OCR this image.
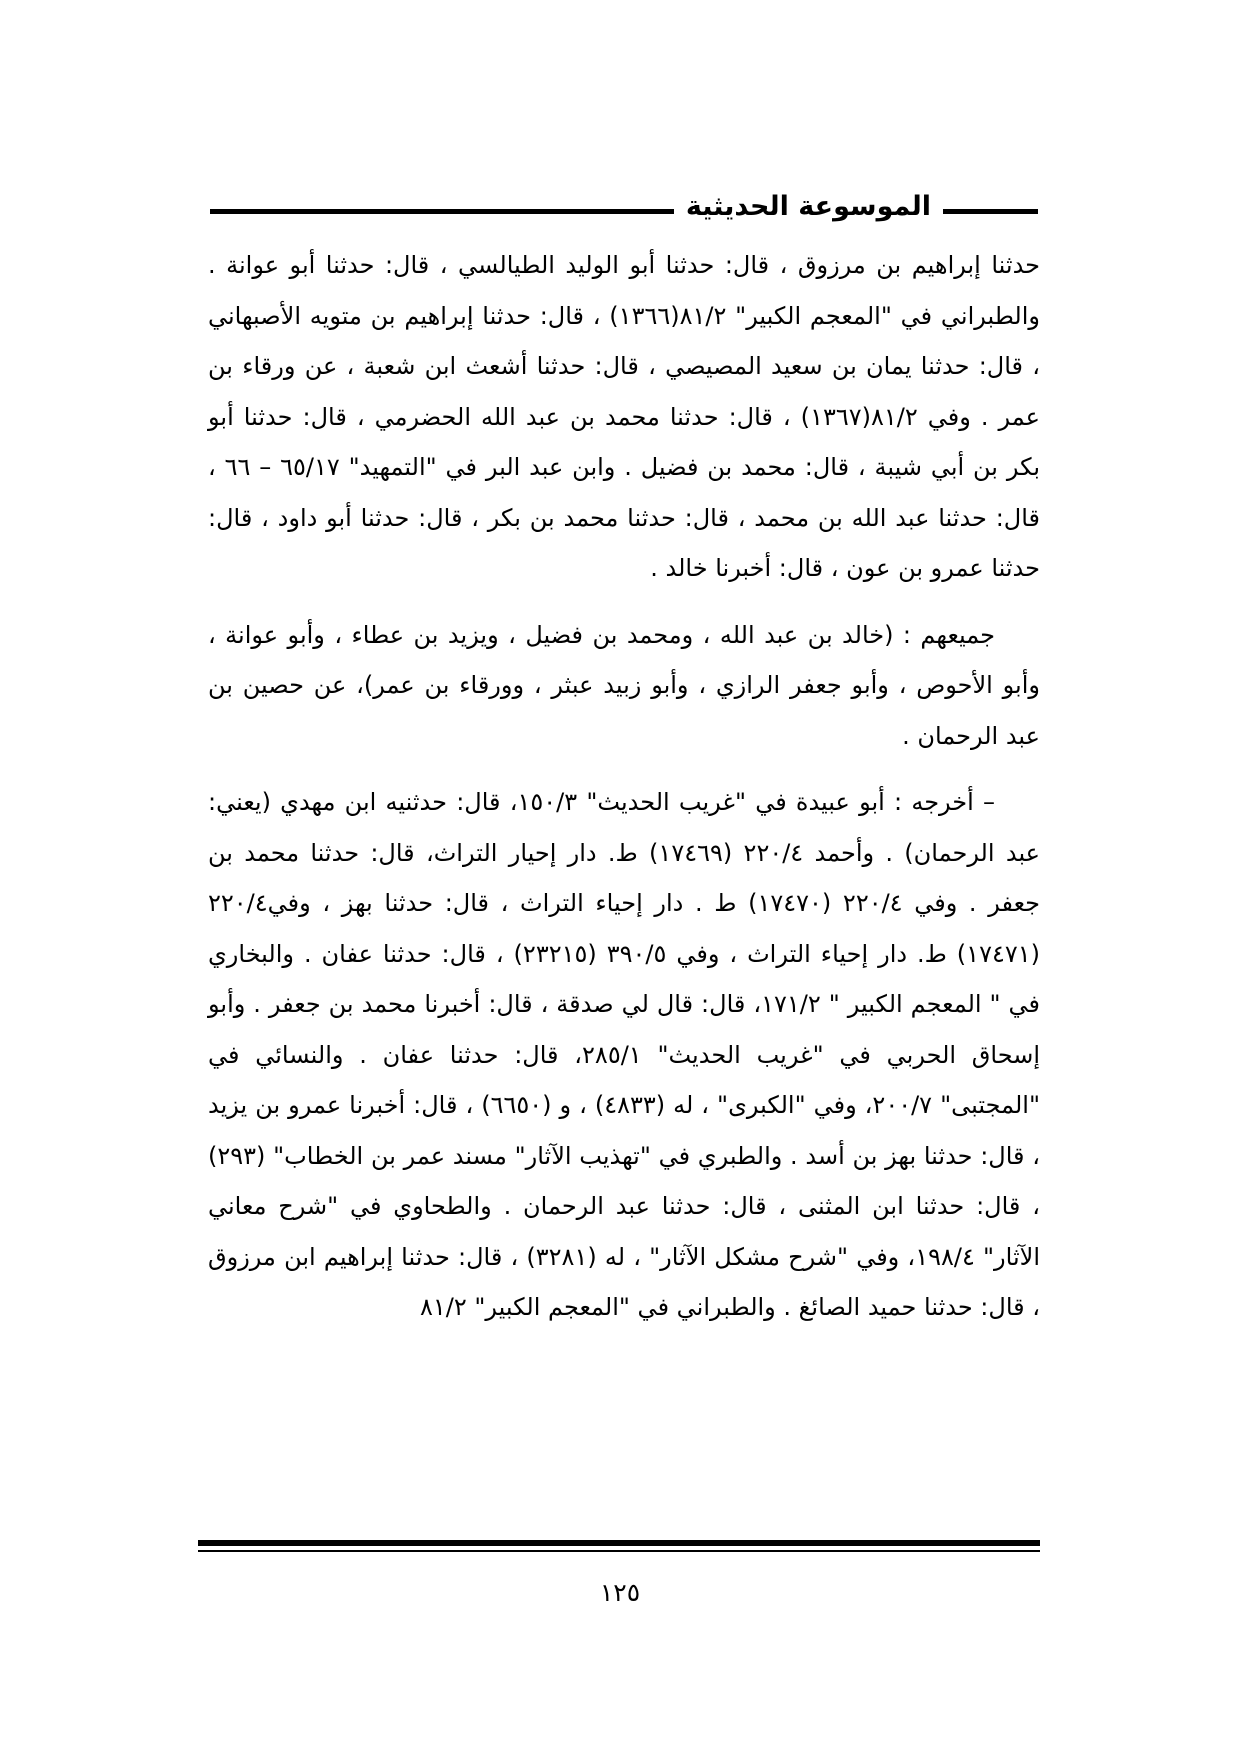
الموسوعة الحديثية

حدثنا إبراهيم بن مرزوق ، قال: حدثنا أبو الوليد الطيالسي ، قال: حدثنا أبو عوانة . والطبراني في "المعجم الكبير" ٨١/٢(١٣٦٦) ، قال: حدثنا إبراهيم بن متويه الأصبهاني ، قال: حدثنا يمان بن سعيد المصيصي ، قال: حدثنا أشعث ابن شعبة ، عن ورقاء بن عمر . وفي ٨١/٢(١٣٦٧) ، قال: حدثنا محمد بن عبد الله الحضرمي ، قال: حدثنا أبو بكر بن أبي شيبة ، قال: محمد بن فضيل . وابن عبد البر في "التمهيد" ٦٥/١٧ – ٦٦ ، قال: حدثنا عبد الله بن محمد ، قال: حدثنا محمد بن بكر ، قال: حدثنا أبو داود ، قال: حدثنا عمرو بن عون ، قال: أخبرنا خالد .

جميعهم : (خالد بن عبد الله ، ومحمد بن فضيل ، ويزيد بن عطاء ، وأبو عوانة ، وأبو الأحوص ، وأبو جعفر الرازي ، وأبو زبيد عبثر ، وورقاء بن عمر)، عن حصين بن عبد الرحمان .

– أخرجه : أبو عبيدة في "غريب الحديث" ١٥٠/٣، قال: حدثنيه ابن مهدي (يعني: عبد الرحمان) . وأحمد ٢٢٠/٤ (١٧٤٦٩) ط. دار إحيار التراث، قال: حدثنا محمد بن جعفر . وفي ٢٢٠/٤ (١٧٤٧٠) ط . دار إحياء التراث ، قال: حدثنا بهز ، وفي٢٢٠/٤ (١٧٤٧١) ط. دار إحياء التراث ، وفي ٣٩٠/٥ (٢٣٢١٥) ، قال: حدثنا عفان . والبخاري في " المعجم الكبير " ١٧١/٢، قال: قال لي صدقة ، قال: أخبرنا محمد بن جعفر . وأبو إسحاق الحربي في "غريب الحديث" ٢٨٥/١، قال: حدثنا عفان . والنسائي في "المجتبى" ٢٠٠/٧، وفي "الكبرى" ، له (٤٨٣٣) ، و (٦٦٥٠) ، قال: أخبرنا عمرو بن يزيد ، قال: حدثنا بهز بن أسد . والطبري في "تهذيب الآثار" مسند عمر بن الخطاب" (٢٩٣) ، قال: حدثنا ابن المثنى ، قال: حدثنا عبد الرحمان . والطحاوي في "شرح معاني الآثار" ١٩٨/٤، وفي "شرح مشكل الآثار" ، له (٣٢٨١) ، قال: حدثنا إبراهيم ابن مرزوق ، قال: حدثنا حميد الصائغ . والطبراني في "المعجم الكبير" ٨١/٢

١٢٥
